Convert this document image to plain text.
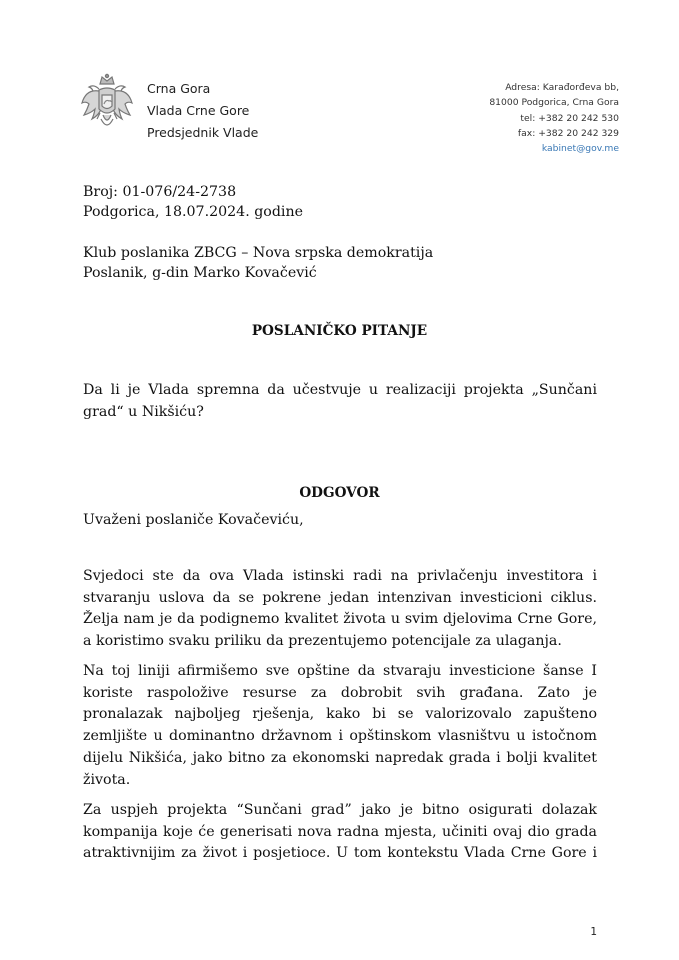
Crna Gora
Vlada Crne Gore
Predsjednik Vlade
Adresa: Karađorđeva bb,
81000 Podgorica, Crna Gora
tel: +382 20 242 530
fax: +382 20 242 329
kabinet@gov.me
Broj: 01-076/24-2738
Podgorica, 18.07.2024. godine
Klub poslanika ZBCG – Nova srpska demokratija
Poslanik, g-din Marko Kovačević
POSLANIČKO PITANJE
Da li je Vlada spremna da učestvuje u realizaciji projekta „Sunčani
grad“ u Nikšiću?
ODGOVOR
Uvaženi poslaniče Kovačeviću,
Svjedoci ste da ova Vlada istinski radi na privlačenju investitora i
stvaranju uslova da se pokrene jedan intenzivan investicioni ciklus.
Želja nam je da podignemo kvalitet života u svim djelovima Crne Gore,
a koristimo svaku priliku da prezentujemo potencijale za ulaganja.
Na toj liniji afirmišemo sve opštine da stvaraju investicione šanse I
koriste raspoložive resurse za dobrobit svih građana. Zato je
pronalazak najboljeg rješenja, kako bi se valorizovalo zapušteno
zemljište u dominantno državnom i opštinskom vlasništvu u istočnom
dijelu Nikšića, jako bitno za ekonomski napredak grada i bolji kvalitet
života.
Za uspjeh projekta “Sunčani grad” jako je bitno osigurati dolazak
kompanija koje će generisati nova radna mjesta, učiniti ovaj dio grada
atraktivnijim za život i posjetioce. U tom kontekstu Vlada Crne Gore i
1
